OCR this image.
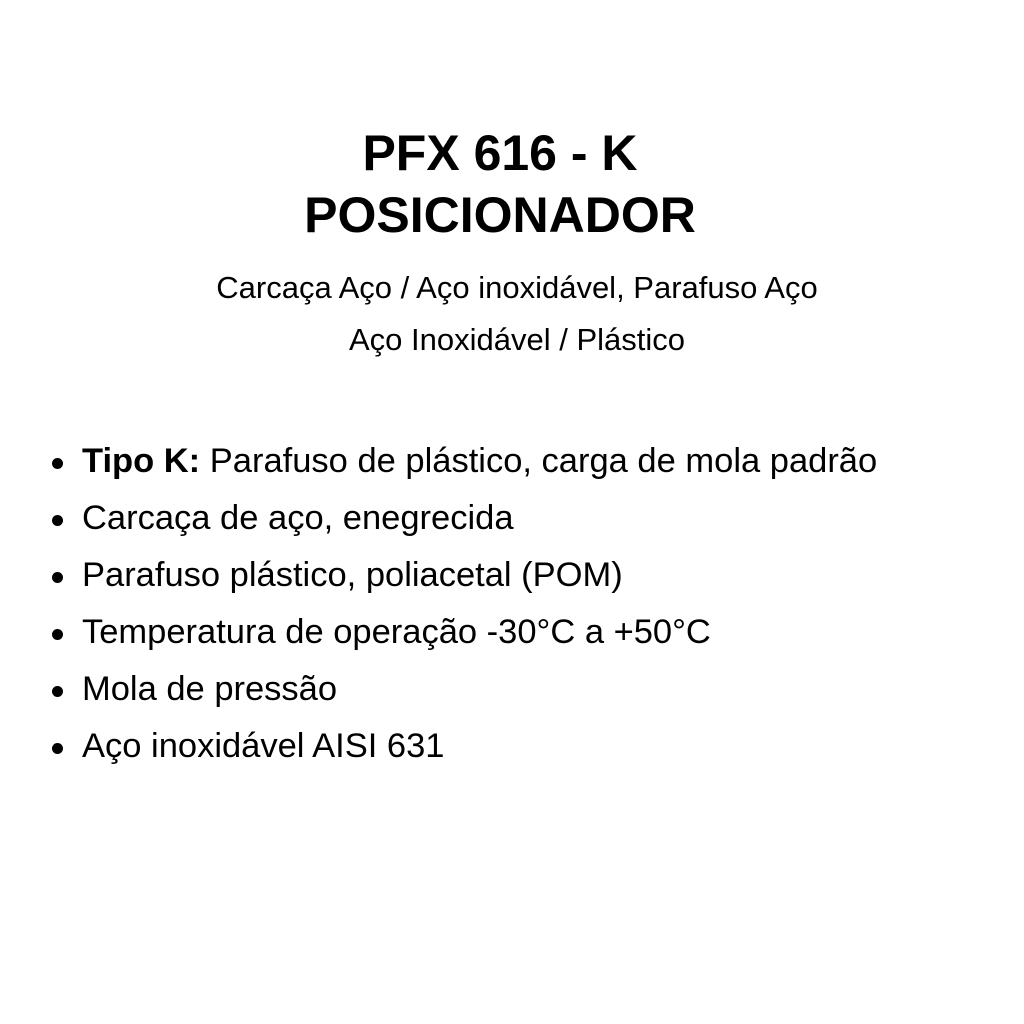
PFX 616 - K
POSICIONADOR
Carcaça Aço / Aço inoxidável, Parafuso Aço
Aço Inoxidável / Plástico
Tipo K: Parafuso de plástico, carga de mola padrão
Carcaça de aço, enegrecida
Parafuso plástico, poliacetal (POM)
Temperatura de operação -30°C a +50°C
Mola de pressão
Aço inoxidável AISI 631
